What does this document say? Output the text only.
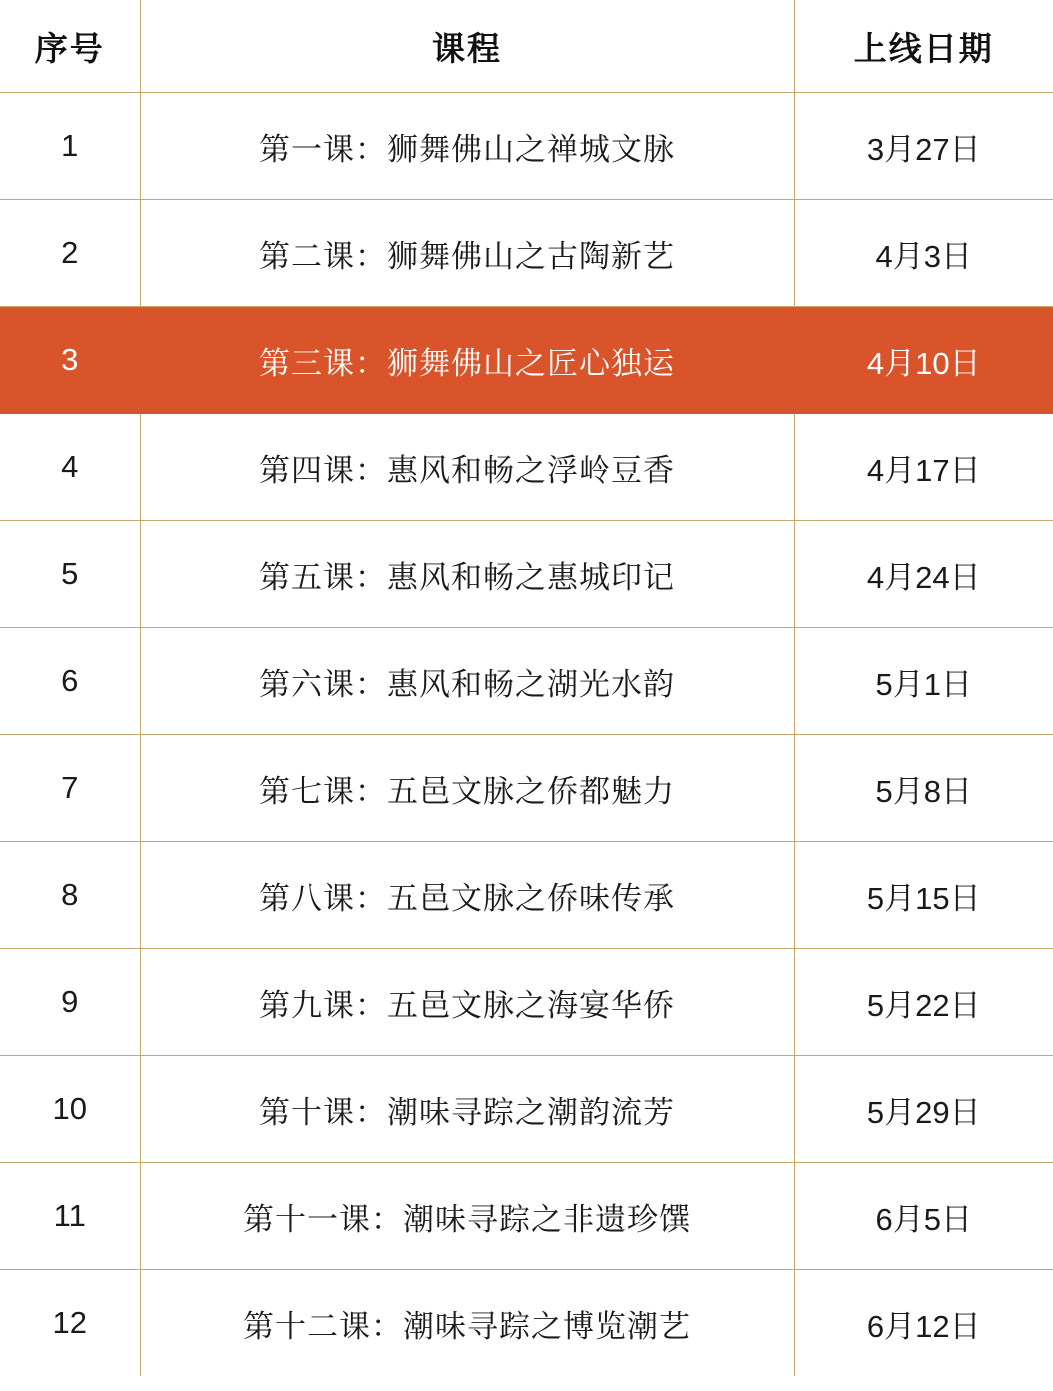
序号	课程	上线日期
1	第一课：狮舞佛山之禅城文脉	3月27日
2	第二课：狮舞佛山之古陶新艺	4月3日
3	第三课：狮舞佛山之匠心独运	4月10日
4	第四课：惠风和畅之浮岭豆香	4月17日
5	第五课：惠风和畅之惠城印记	4月24日
6	第六课：惠风和畅之湖光水韵	5月1日
7	第七课：五邑文脉之侨都魅力	5月8日
8	第八课：五邑文脉之侨味传承	5月15日
9	第九课：五邑文脉之海宴华侨	5月22日
10	第十课：潮味寻踪之潮韵流芳	5月29日
11	第十一课：潮味寻踪之非遗珍馔	6月5日
12	第十二课：潮味寻踪之博览潮艺	6月12日
